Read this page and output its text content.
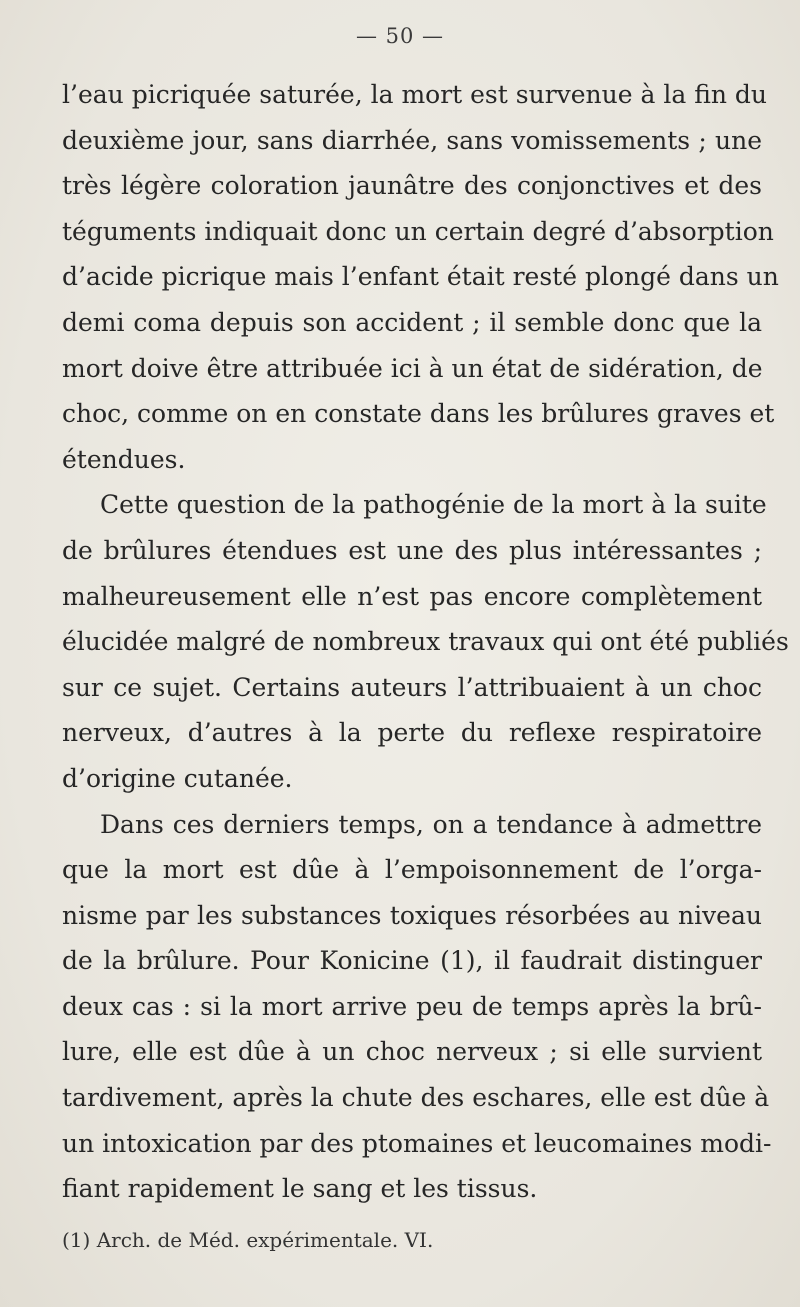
— 50 —
l’eau picriquée saturée, la mort est survenue à la fin du
deuxième jour, sans diarrhée, sans vomissements ; une
très légère coloration jaunâtre des conjonctives et des
téguments indiquait donc un certain degré d’absorption
d’acide picrique mais l’enfant était resté plongé dans un
demi coma depuis son accident ; il semble donc que la
mort doive être attribuée ici à un état de sidération, de
choc, comme on en constate dans les brûlures graves et
étendues.
Cette question de la pathogénie de la mort à la suite
de brûlures étendues est une des plus intéressantes ;
malheureusement elle n’est pas encore complètement
élucidée malgré de nombreux travaux qui ont été publiés
sur ce sujet. Certains auteurs l’attribuaient à un choc
nerveux, d’autres à la perte du reflexe respiratoire
d’origine cutanée.
Dans ces derniers temps, on a tendance à admettre
que la mort est dûe à l’empoisonnement de l’orga-
nisme par les substances toxiques résorbées au niveau
de la brûlure. Pour Konicine (1), il faudrait distinguer
deux cas : si la mort arrive peu de temps après la brû-
lure, elle est dûe à un choc nerveux ; si elle survient
tardivement, après la chute des eschares, elle est dûe à
un intoxication par des ptomaines et leucomaines modi-
fiant rapidement le sang et les tissus.
(1) Arch. de Méd. expérimentale. VI.
